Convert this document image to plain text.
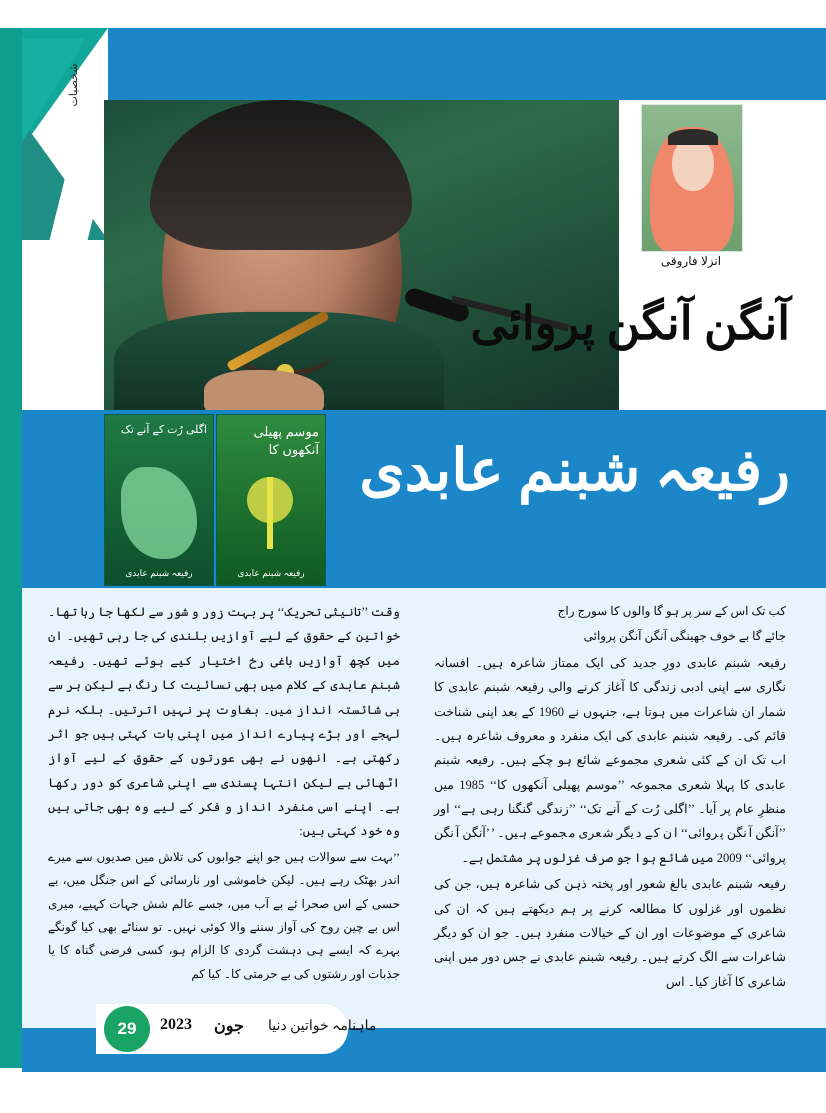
شخصیات
انزلا فاروقی
آنگن آنگن پروائی
رفیعہ شبنم عابدی
اگلی رُت کے آنے تک
رفیعہ شبنم عابدی
موسم پھیلی آنکھوں کا
رفیعہ شبنم عابدی

کب تک اس کے سر پر ہو گا والوں کا سورج راج

جائے گا بے خوف جھینگی آنگن آنگن پروائی

رفیعہ شبنم عابدی دورِ جدید کی ایک ممتاز شاعرہ ہیں۔ افسانہ نگاری سے اپنی ادبی زندگی کا آغاز کرنے والی رفیعہ شبنم عابدی کا شمار ان شاعرات میں ہوتا ہے، جنہوں نے 1960 کے بعد اپنی شناخت قائم کی۔ رفیعہ شبنم عابدی کی ایک منفرد و معروف شاعرہ ہیں۔ اب تک ان کے کئی شعری مجموعے شائع ہو چکے ہیں۔ رفیعہ شبنم عابدی کا پہلا شعری مجموعہ ’’موسم پھیلی آنکھوں کا‘‘ 1985 میں منظرِ عام پر آیا۔ ’’اگلی رُت کے آنے تک‘‘ ’’زندگی گنگنا رہی ہے‘‘ اور ’’آنگن آنگن پروائی‘‘ ان کے دیگر شعری مجموعے ہیں۔ ’’آنگن آنگن پروائی‘‘ 2009 میں شائع ہوا جو صرف غزلوں پر مشتمل ہے۔

رفیعہ شبنم عابدی بالغ شعور اور پختہ ذہن کی شاعرہ ہیں، جن کی نظموں اور غزلوں کا مطالعہ کرنے پر ہم دیکھتے ہیں کہ ان کی شاعری کے موضوعات اور ان کے خیالات منفرد ہیں۔ جو ان کو دیگر شاعرات سے الگ کرتے ہیں۔ رفیعہ شبنم عابدی نے جس دور میں اپنی شاعری کا آغاز کیا۔ اس

وقت ’’تانیثی تحریک‘‘ پر بہت زور و شور سے لکھا جا رہا تھا۔ خواتین کے حقوق کے لیے آوازیں بلندی کی جا رہی تھیں۔ ان میں کچھ آوازیں باغی رخ اختیار کیے ہوئے تھیں۔ رفیعہ شبنم عابدی کے کلام میں بھی نسائیت کا رنگ ہے لیکن ہر سے ہی شائستہ انداز میں۔ بغاوت پر نہیں اترتیں۔ بلکہ نرم لہجے اور بڑے پیارے انداز میں اپنی بات کہتی ہیں جو اثر رکھتی ہے۔ انھوں نے بھی عورتوں کے حقوق کے لیے آواز اٹھائی ہے لیکن انتہا پسندی سے اپنی شاعری کو دور رکھا ہے۔ اپنے اسی منفرد انداز و فکر کے لیے وہ بھی جاتی ہیں وہ خود کہتی ہیں:

’’بہت سے سوالات ہیں جو اپنے جوابوں کی تلاش میں صدیوں سے میرے اندر بھٹک رہے ہیں۔ لیکن خاموشی اور نارسائی کے اس جنگل میں، بے حسی کے اس صحرا ئے بے آب میں، جسے عالم شش جہات کہیے، میری اس بے چین روح کی آواز سننے والا کوئی نہیں۔ تو سناٹے بھی کیا گونگے بہرے کہ ایسے ہی دہشت گردی کا الزام ہو، کسی فرضی گناہ کا یا جذبات اور رشتوں کی بے حرمتی کا۔ کیا کم

29	2023 جون ماہنامہ خواتین دنیا
